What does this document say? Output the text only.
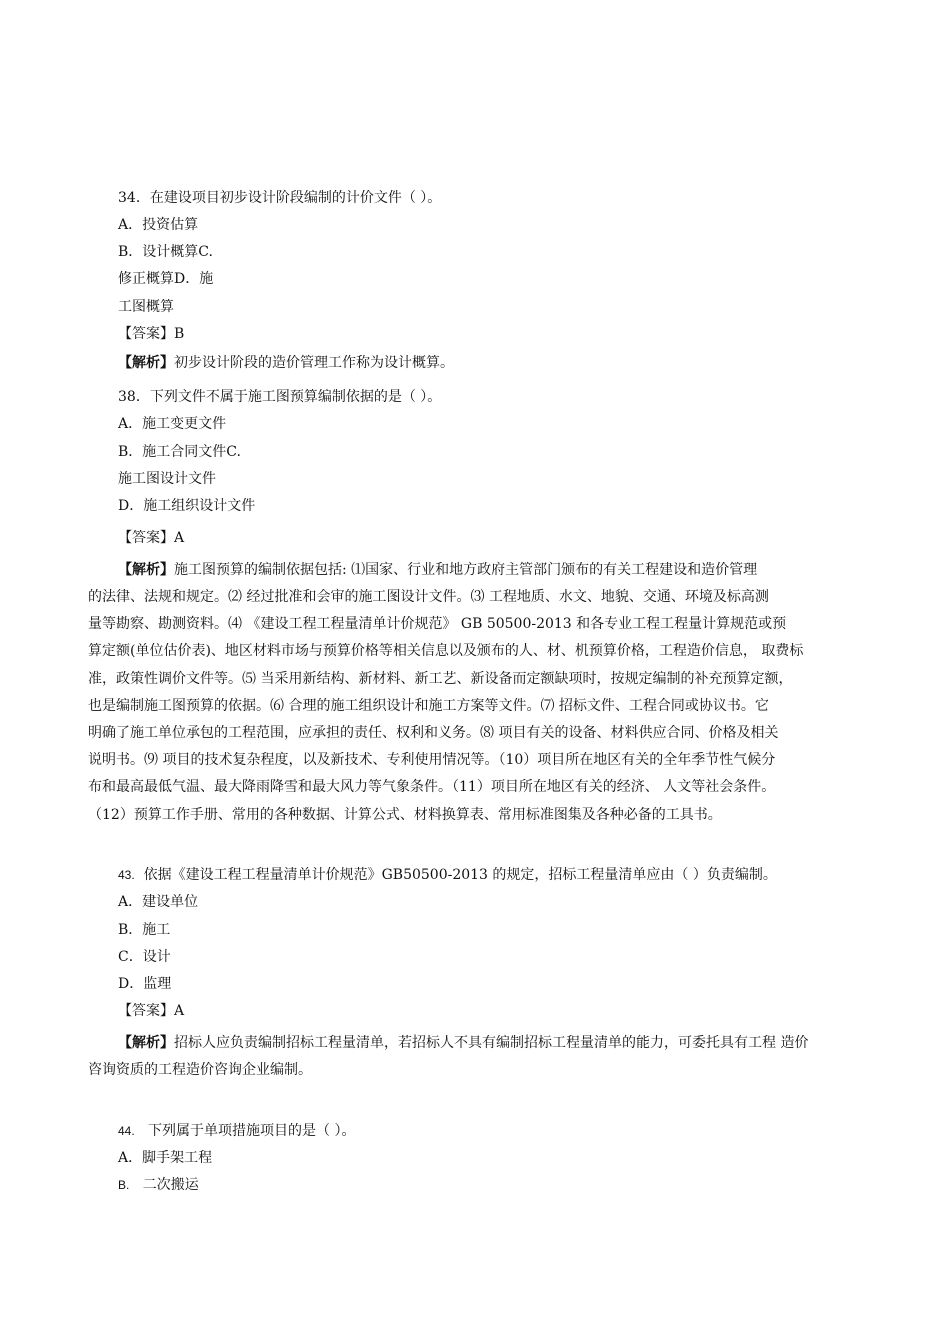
34．在建设项目初步设计阶段编制的计价文件（ ）。
A．投资估算
B．设计概算C.
修正概算D．施
工图概算
【答案】B
【解析】初步设计阶段的造价管理工作称为设计概算。
38．下列文件不属于施工图预算编制依据的是（ ）。
A．施工变更文件
B．施工合同文件C.
施工图设计文件
D．施工组织设计文件
【答案】A
【解析】施工图预算的编制依据包括: ⑴国家、行业和地方政府主管部门颁布的有关工程建设和造价管理
的法律、法规和规定。⑵ 经过批准和会审的施工图设计文件。⑶ 工程地质、水文、地貌、交通、环境及标高测
量等勘察、勘测资料。⑷ 《建设工程工程量清单计价规范》 GB 50500-2013 和各专业工程工程量计算规范或预
算定额(单位估价表)、地区材料市场与预算价格等相关信息以及颁布的人、材、机预算价格，工程造价信息， 取费标
准，政策性调价文件等。⑸ 当采用新结构、新材料、新工艺、新设备而定额缺项时，按规定编制的补充预算定额，
也是编制施工图预算的依据。⑹ 合理的施工组织设计和施工方案等文件。⑺ 招标文件、工程合同或协议书。它
明确了施工单位承包的工程范围，应承担的责任、权利和义务。⑻ 项目有关的设备、材料供应合同、价格及相关
说明书。⑼ 项目的技术复杂程度，以及新技术、专利使用情况等。（10）项目所在地区有关的全年季节性气候分
布和最高最低气温、最大降雨降雪和最大风力等气象条件。（11）项目所在地区有关的经济、 人文等社会条件。
（12）预算工作手册、常用的各种数据、计算公式、材料换算表、常用标准图集及各种必备的工具书。
43. 依据《建设工程工程量清单计价规范》GB50500-2013 的规定，招标工程量清单应由（ ）负责编制。
A．建设单位
B．施工
C．设计
D．监理
【答案】A
【解析】招标人应负责编制招标工程量清单，若招标人不具有编制招标工程量清单的能力，可委托具有工程 造价
咨询资质的工程造价咨询企业编制。
44. 下列属于单项措施项目的是（ ）。
A．脚手架工程
B. 二次搬运
